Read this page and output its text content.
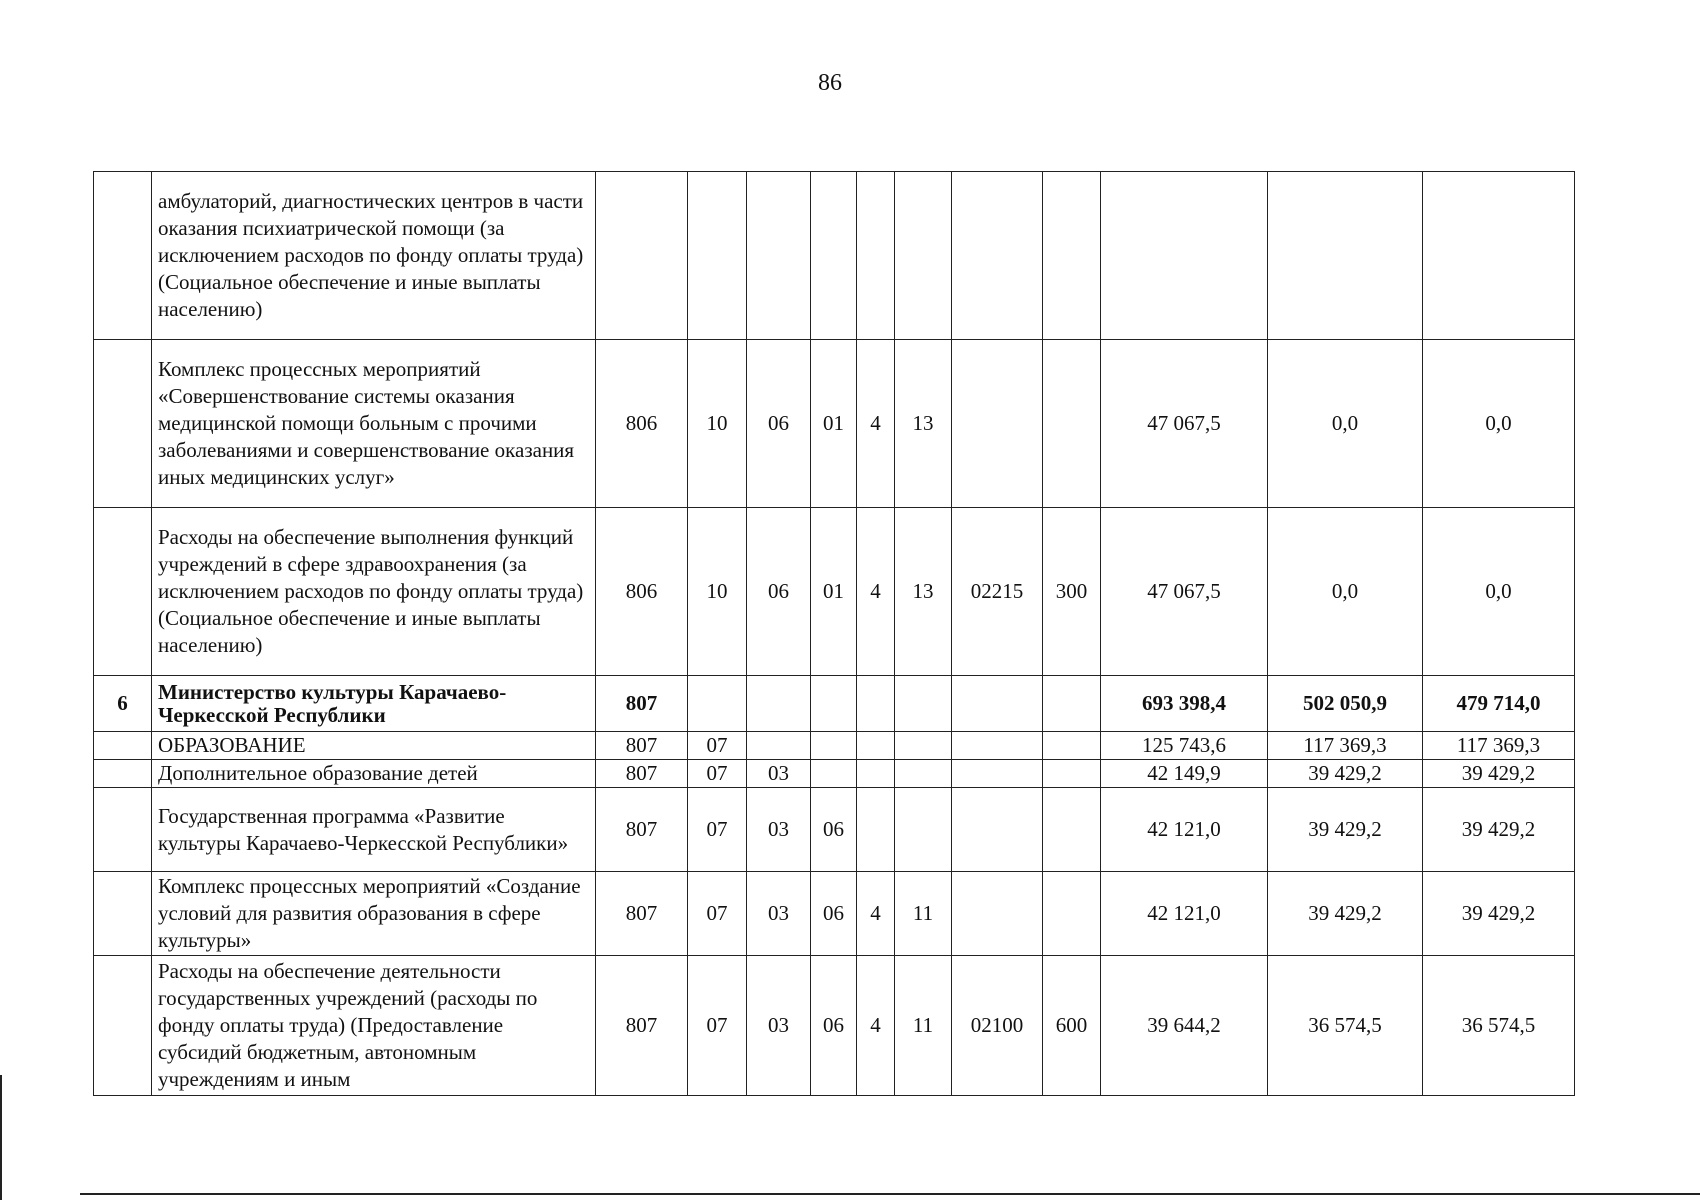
86
	амбулаторий, диагностических центров в части оказания психиатрической помощи (за исключением расходов по фонду оплаты труда) (Социальное обеспечение и иные выплаты населению)											
	Комплекс процессных мероприятий «Совершенствование системы оказания медицинской помощи больным с прочими заболеваниями и совершенствование оказания иных медицинских услуг»	806	10	06	01	4	13			47 067,5	0,0	0,0
	Расходы на обеспечение выполнения функций учреждений в сфере здравоохранения (за исключением расходов по фонду оплаты труда) (Социальное обеспечение и иные выплаты населению)	806	10	06	01	4	13	02215	300	47 067,5	0,0	0,0
6	Министерство культуры Карачаево-Черкесской Республики	807								693 398,4	502 050,9	479 714,0
	ОБРАЗОВАНИЕ	807	07							125 743,6	117 369,3	117 369,3
	Дополнительное образование детей	807	07	03						42 149,9	39 429,2	39 429,2
	Государственная программа «Развитие культуры Карачаево-Черкесской Республики»	807	07	03	06					42 121,0	39 429,2	39 429,2
	Комплекс процессных мероприятий «Создание условий для развития образования в сфере культуры»	807	07	03	06	4	11			42 121,0	39 429,2	39 429,2
	Расходы на обеспечение деятельности государственных учреждений (расходы по фонду оплаты труда) (Предоставление субсидий бюджетным, автономным учреждениям и иным	807	07	03	06	4	11	02100	600	39 644,2	36 574,5	36 574,5
